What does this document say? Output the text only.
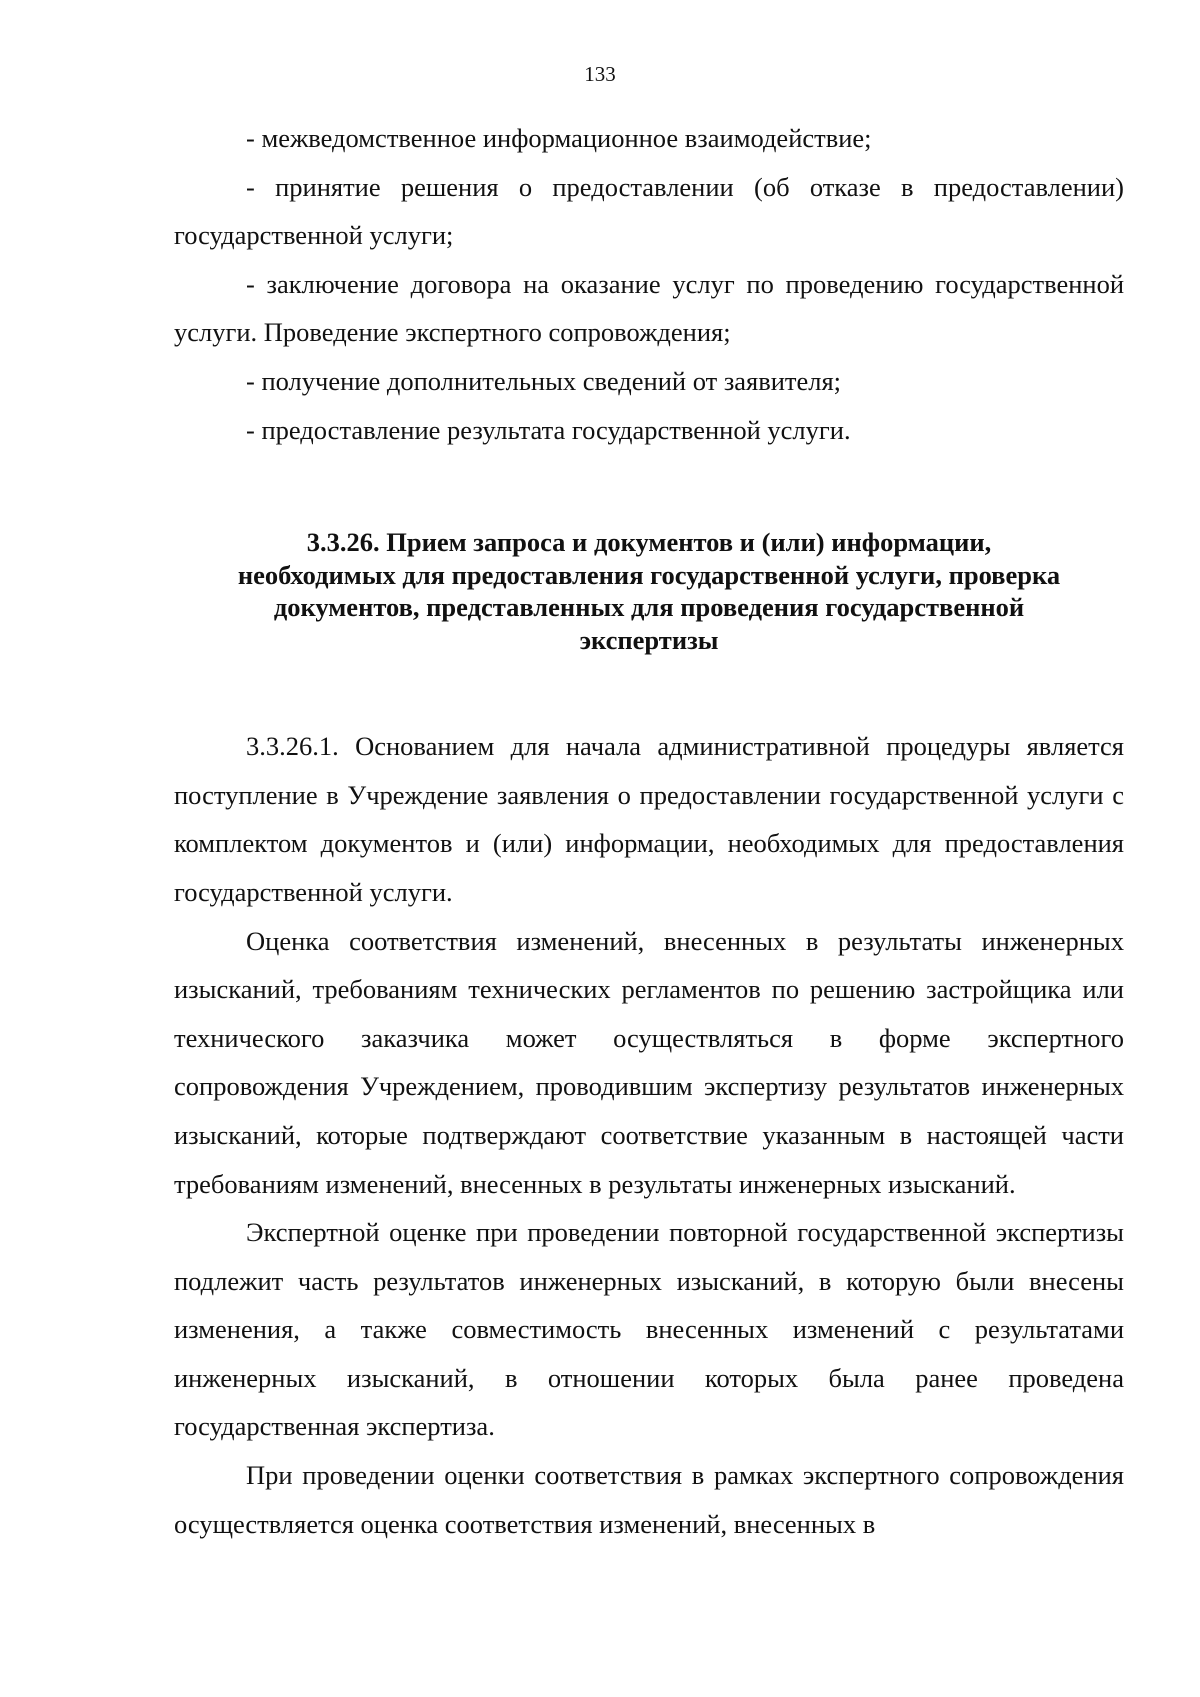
133

- межведомственное информационное взаимодействие;

- принятие решения о предоставлении (об отказе в предоставлении) государственной услуги;

- заключение договора на оказание услуг по проведению государственной услуги. Проведение экспертного сопровождения;

- получение дополнительных сведений от заявителя;

- предоставление результата государственной услуги.

3.3.26. Прием запроса и документов и (или) информации,
необходимых для предоставления государственной услуги, проверка
документов, представленных для проведения государственной
экспертизы

3.3.26.1. Основанием для начала административной процедуры является поступление в Учреждение заявления о предоставлении государственной услуги с комплектом документов и (или) информации, необходимых для предоставления государственной услуги.

Оценка соответствия изменений, внесенных в результаты инженерных изысканий, требованиям технических регламентов по решению застройщика или технического заказчика может осуществляться в форме экспертного сопровождения Учреждением, проводившим экспертизу результатов инженерных изысканий, которые подтверждают соответствие указанным в настоящей части требованиям изменений, внесенных в результаты инженерных изысканий.

Экспертной оценке при проведении повторной государственной экспертизы подлежит часть результатов инженерных изысканий, в которую были внесены изменения, а также совместимость внесенных изменений с результатами инженерных изысканий, в отношении которых была ранее проведена государственная экспертиза.

При проведении оценки соответствия в рамках экспертного сопровождения осуществляется оценка соответствия изменений, внесенных в
